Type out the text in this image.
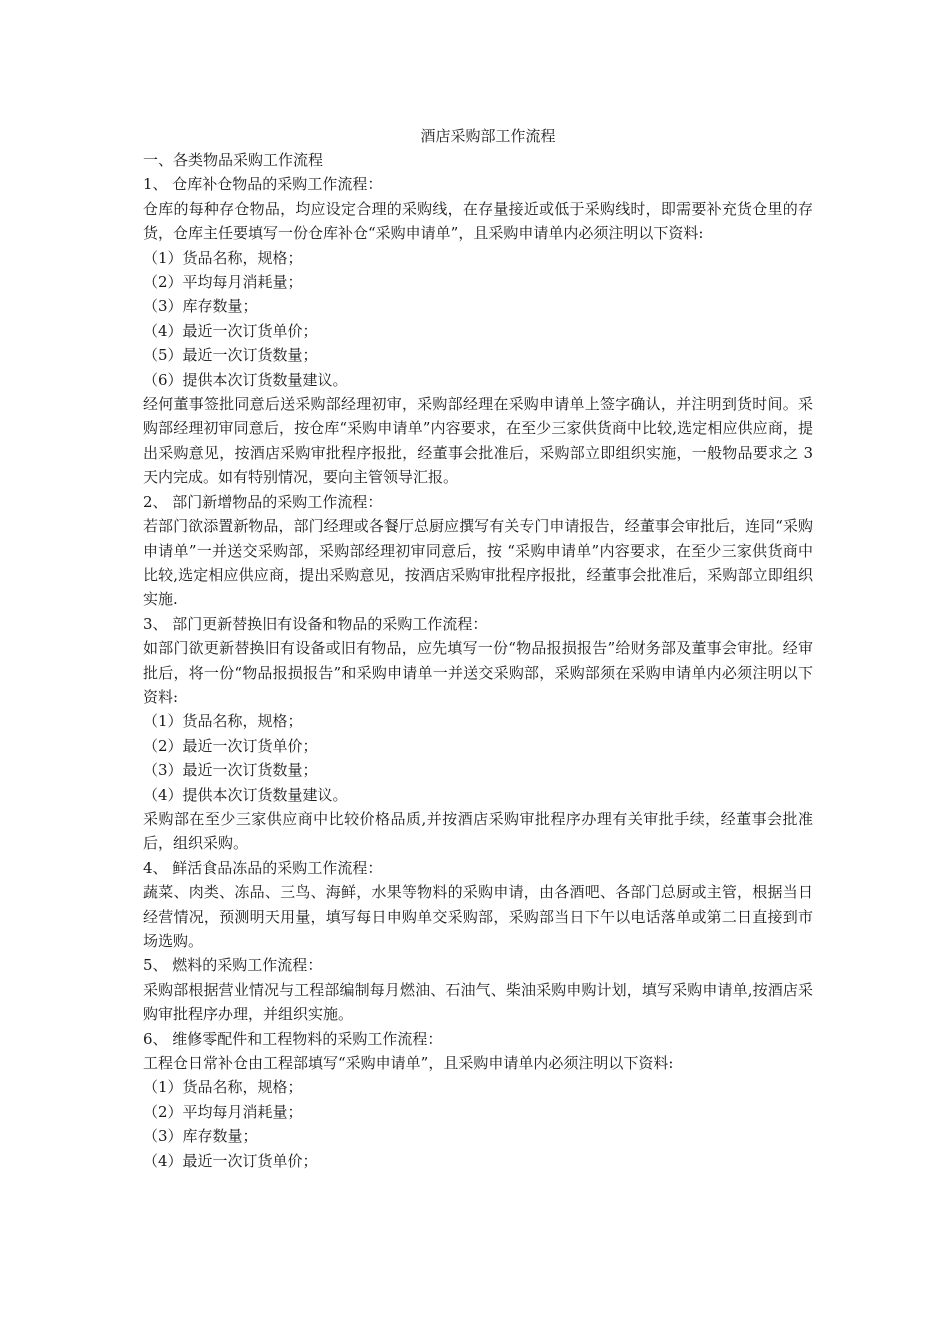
酒店采购部工作流程

一、各类物品采购工作流程

1、 仓库补仓物品的采购工作流程：

仓库的每种存仓物品，均应设定合理的采购线，在存量接近或低于采购线时，即需要补充货仓里的存货，仓库主任要填写一份仓库补仓“采购申请单”，且采购申请单内必须注明以下资料:

（1）货品名称，规格；

（2）平均每月消耗量；

（3）库存数量；

（4）最近一次订货单价；

（5）最近一次订货数量；

（6）提供本次订货数量建议。

经何董事签批同意后送采购部经理初审，采购部经理在采购申请单上签字确认，并注明到货时间。采购部经理初审同意后，按仓库“采购申请单”内容要求，在至少三家供货商中比较,选定相应供应商，提出采购意见，按酒店采购审批程序报批，经董事会批准后，采购部立即组织实施，一般物品要求之 3 天内完成。如有特别情况，要向主管领导汇报。

2、 部门新增物品的采购工作流程：

若部门欲添置新物品，部门经理或各餐厅总厨应撰写有关专门申请报告，经董事会审批后，连同“采购申请单”一并送交采购部，采购部经理初审同意后，按 “采购申请单”内容要求，在至少三家供货商中比较,选定相应供应商，提出采购意见，按酒店采购审批程序报批，经董事会批准后，采购部立即组织实施.

3、 部门更新替换旧有设备和物品的采购工作流程：

如部门欲更新替换旧有设备或旧有物品，应先填写一份“物品报损报告”给财务部及董事会审批。经审批后，将一份“物品报损报告”和采购申请单一并送交采购部，采购部须在采购申请单内必须注明以下资料:

（1）货品名称，规格；

（2）最近一次订货单价；

（3）最近一次订货数量；

（4）提供本次订货数量建议。

采购部在至少三家供应商中比较价格品质,并按酒店采购审批程序办理有关审批手续，经董事会批准后，组织采购。

4、 鲜活食品冻品的采购工作流程：

蔬菜、肉类、冻品、三鸟、海鲜，水果等物料的采购申请，由各酒吧、各部门总厨或主管，根据当日经营情况，预测明天用量，填写每日申购单交采购部，采购部当日下午以电话落单或第二日直接到市场选购。

5、 燃料的采购工作流程：

采购部根据营业情况与工程部编制每月燃油、石油气、柴油采购申购计划，填写采购申请单,按酒店采购审批程序办理，并组织实施。

6、 维修零配件和工程物料的采购工作流程：

工程仓日常补仓由工程部填写“采购申请单”，且采购申请单内必须注明以下资料:

（1）货品名称，规格；

（2）平均每月消耗量；

（3）库存数量；

（4）最近一次订货单价；
